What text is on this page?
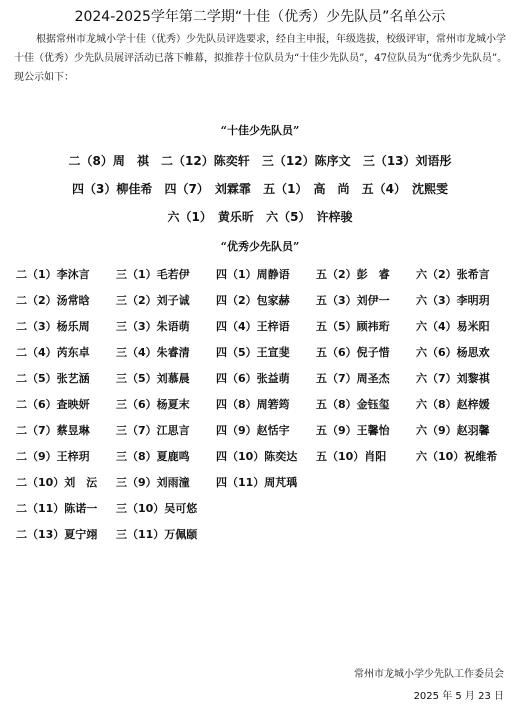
2024-2025学年第二学期“十佳（优秀）少先队员”名单公示

根据常州市龙城小学十佳（优秀）少先队员评选要求，经自主申报，年级选拔，校级评审，常州市龙城小学十佳（优秀）少先队员展评活动已落下帷幕，拟推荐十位队员为“十佳少先队员”，47位队员为“优秀少先队员”。

现公示如下：

“十佳少先队员”
二（8）周　祺 二（12）陈奕轩 三（12）陈序文 三（13）刘语彤
四（3）柳佳希 四（7）　刘霖霏 五（1）　高　尚 五（4）　沈熙雯
六（1）　黄乐昕 六（5）　许梓骏
“优秀少先队员”
二（1）李沐言 三（1）毛若伊 四（1）周静语 五（2）彭　睿 六（2）张希言
二（2）汤常晗 三（2）刘子诚 四（2）包家赫 五（3）刘伊一 六（3）李明玥
二（3）杨乐周 三（3）朱语萌 四（4）王梓语 五（5）顾祎珩 六（4）易米阳
二（4）芮东卓 三（4）朱睿清 四（5）王宣斐 五（6）倪子惜 六（6）杨思欢
二（5）张艺涵 三（5）刘慕晨 四（6）张益萌 五（7）周圣杰 六（7）刘黎祺
二（6）查映妍 三（6）杨夏末 四（8）周箬筠 五（8）金钰玺 六（8）赵梓媛
二（7）蔡昱琳 三（7）江思言 四（9）赵恬宇 五（9）王馨怡 六（9）赵羽馨
二（9）王梓玥 三（8）夏鹿鸣 四（10）陈奕达 五（10）肖阳	六（10）祝维希
二（10）刘　沄 三（9）刘雨潼 四（11）周芃瑀
二（11）陈诺一 三（10）吴可悠
二（13）夏宁翊 三（11）万佩颐
常州市龙城小学少先队工作委员会
2025 年 5 月 23 日
